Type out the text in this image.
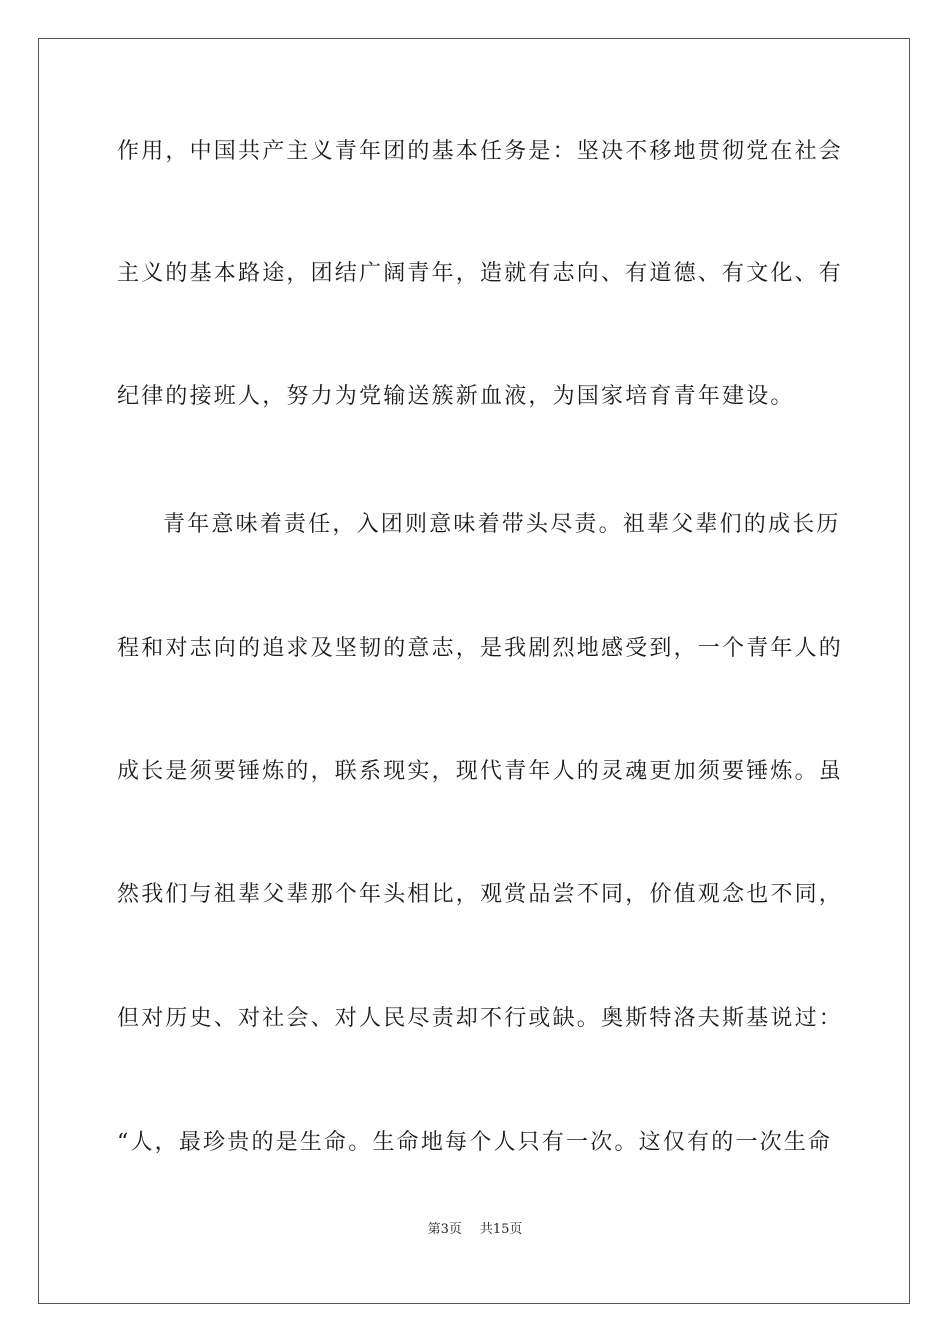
作用，中国共产主义青年团的基本任务是：坚决不移地贯彻党在社会
主义的基本路途，团结广阔青年，造就有志向、有道德、有文化、有
纪律的接班人，努力为党输送簇新血液，为国家培育青年建设。
青年意味着责任，入团则意味着带头尽责。祖辈父辈们的成长历
程和对志向的追求及坚韧的意志，是我剧烈地感受到，一个青年人的
成长是须要锤炼的，联系现实，现代青年人的灵魂更加须要锤炼。虽
然我们与祖辈父辈那个年头相比，观赏品尝不同，价值观念也不同，
但对历史、对社会、对人民尽责却不行或缺。奥斯特洛夫斯基说过：
“人，最珍贵的是生命。生命地每个人只有一次。这仅有的一次生命
第3页 共15页
